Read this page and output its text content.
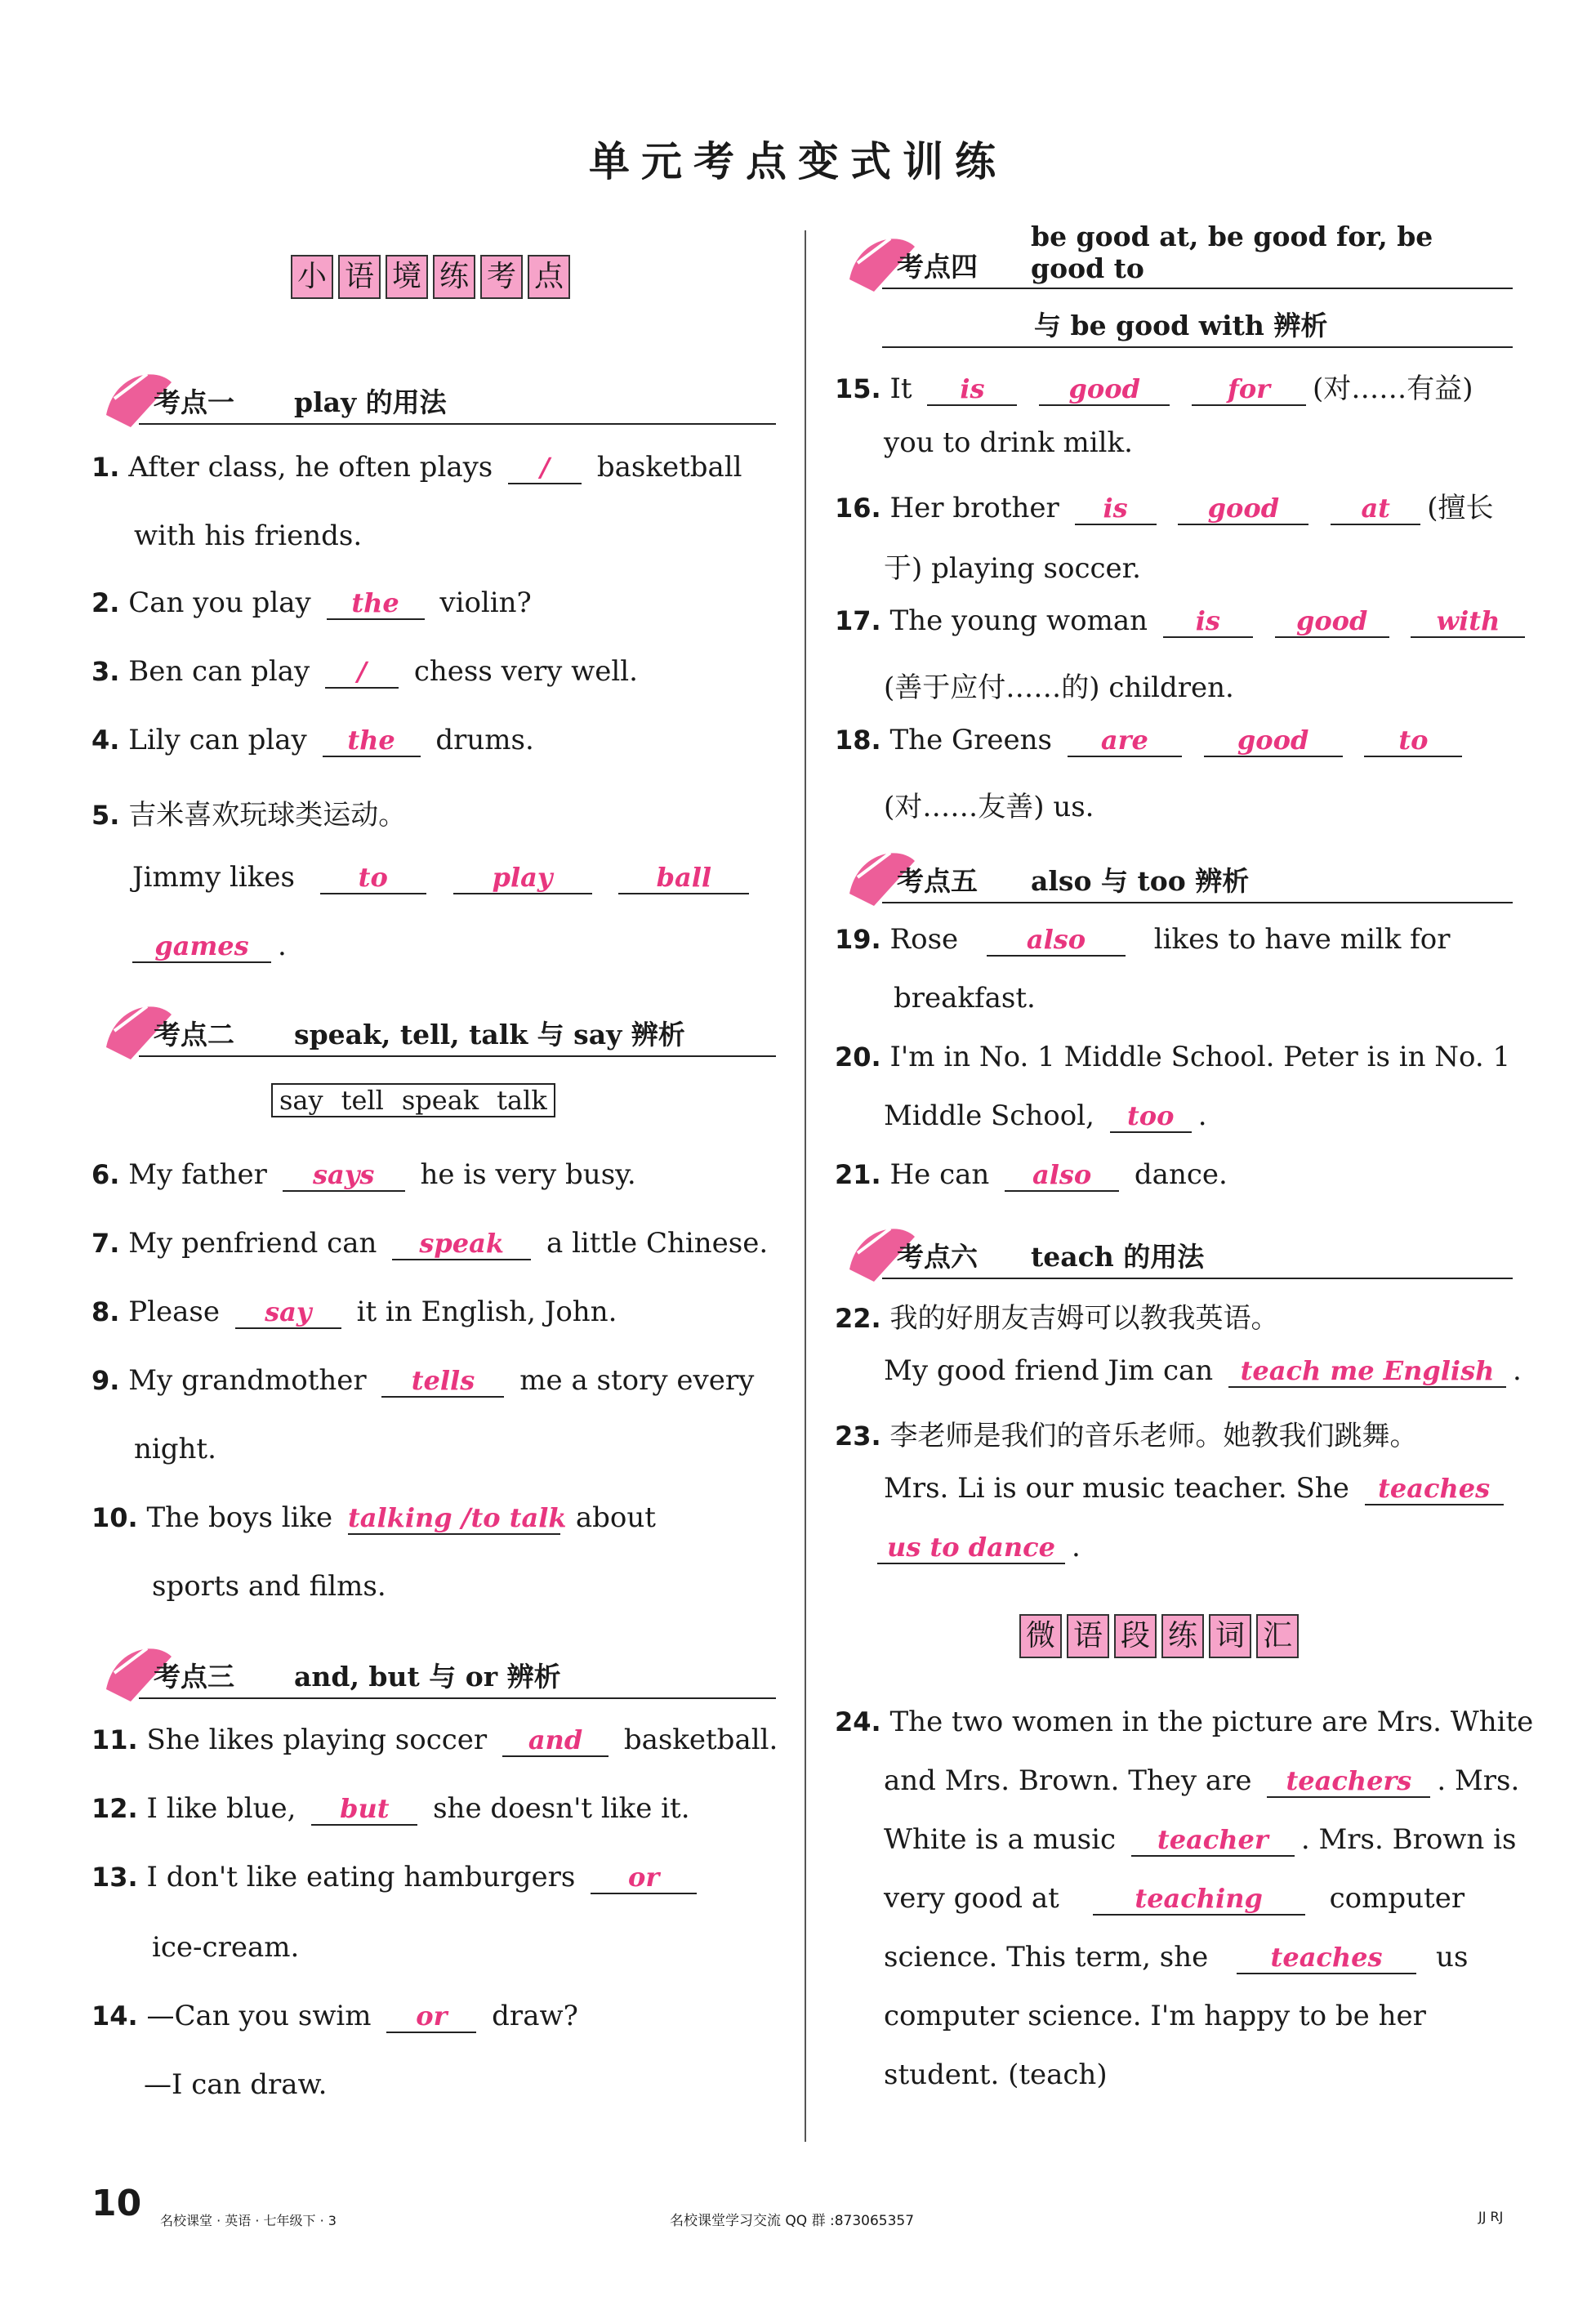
单元考点变式训练
小 语 境 练 考 点
考点一 play 的用法
1. After class, he often plays / basketball
with his friends.
2. Can you play the violin?
3. Ben can play / chess very well.
4. Lily can play the drums.
5. 吉米喜欢玩球类运动。
Jimmy likes to	play	ball
games .
考点二 speak, tell, talk 与 say 辨析
say tell speak talk
6. My father says he is very busy.
7. My penfriend can speak a little Chinese.
8. Please say it in English, John.
9. My grandmother tells me a story every
night.
10. The boys like talking /to talk about
sports and films.
考点三 and, but 与 or 辨析
11. She likes playing soccer and basketball.
12. I like blue, but she doesn't like it.
13. I don't like eating hamburgers or
ice-cream.
14. —Can you swim or draw?
—I can draw.
考点四
be good at, be good for, be good to
与 be good with 辨析
15. It is	good	for (对……有益)
you to drink milk.
16. Her brother is	good	at (擅长
于) playing soccer.
17. The young woman is	good	with
(善于应付……的) children.
18. The Greens are	good	to
(对……友善) us.
考点五 also 与 too 辨析
19. Rose	also likes to have milk for
breakfast.
20. I'm in No. 1 Middle School. Peter is in No. 1
Middle School, too .
21. He can also dance.
考点六 teach 的用法
22. 我的好朋友吉姆可以教我英语。
My good friend Jim can teach me English .
23. 李老师是我们的音乐老师。她教我们跳舞。
Mrs. Li is our music teacher. She teaches
us to dance .
微 语 段 练 词 汇
24. The two women in the picture are Mrs. White
and Mrs. Brown. They are teachers . Mrs.
White is a music teacher . Mrs. Brown is
very good at	teaching computer
science. This term, she teaches us
computer science. I'm happy to be her
student. (teach)
10 名校课堂 · 英语 · 七年级下 · 3	名校课堂学习交流 QQ 群 :873065357	JJ RJ
